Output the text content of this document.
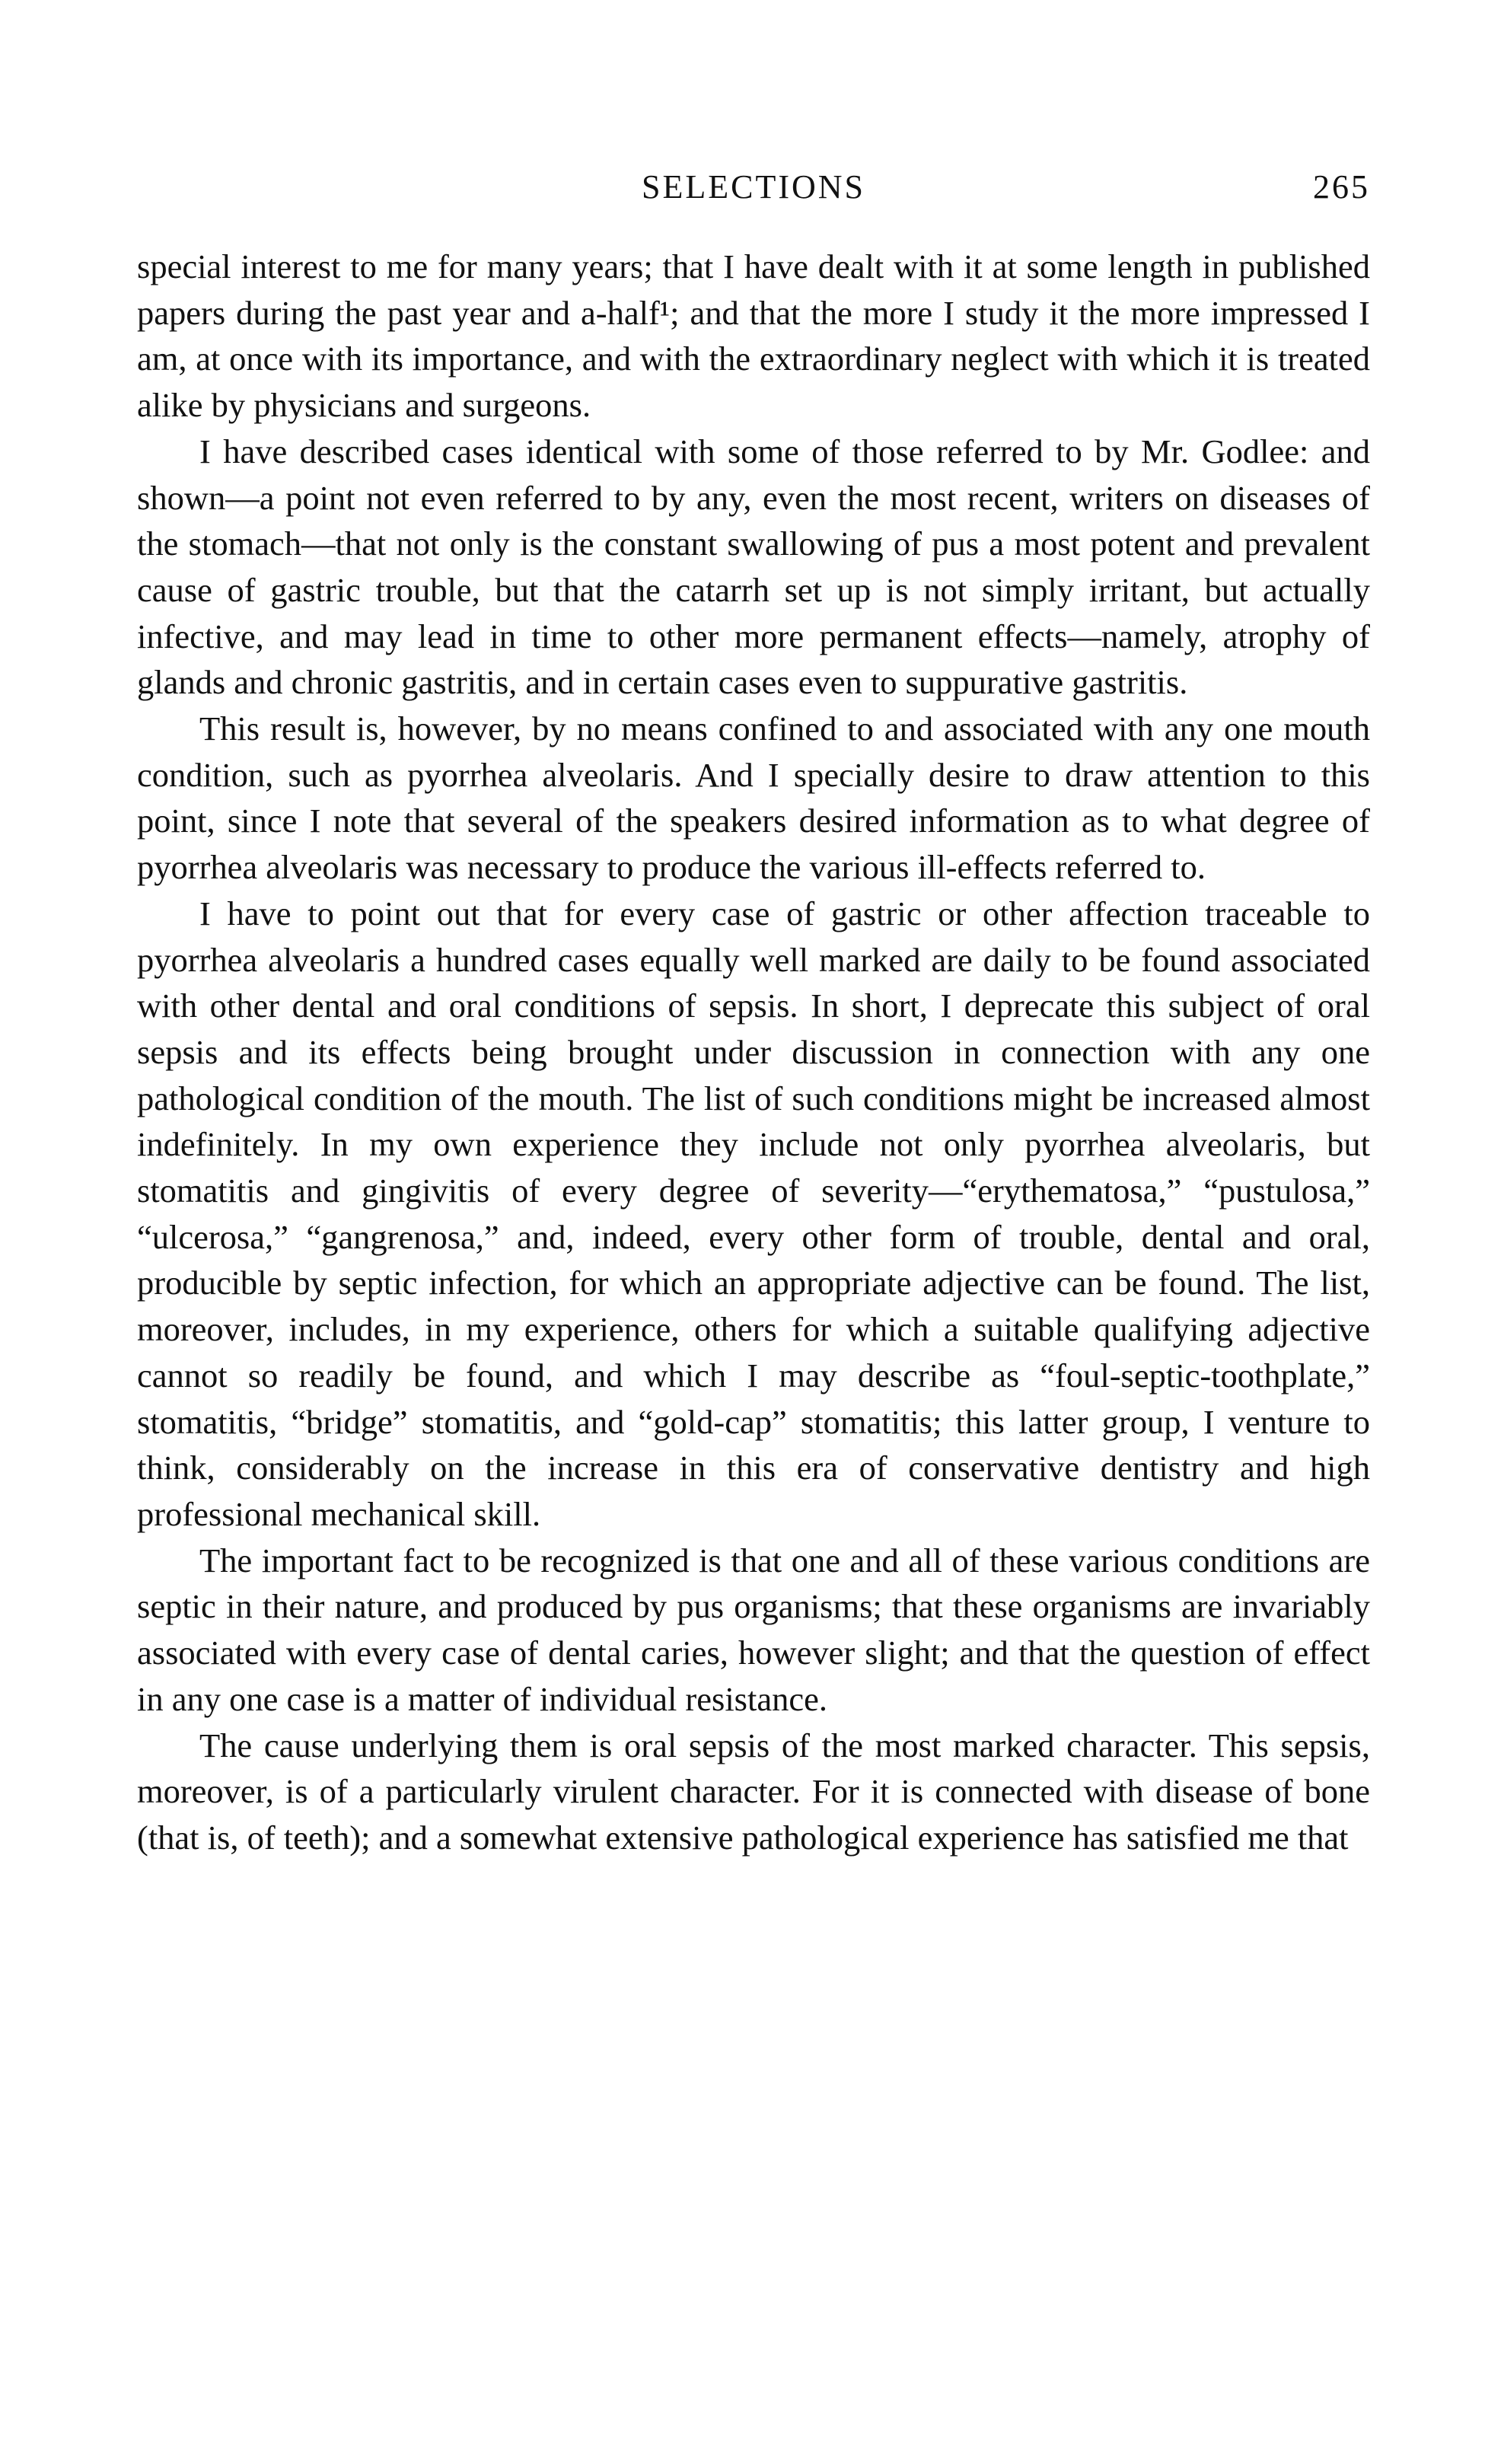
SELECTIONS	265

special interest to me for many years; that I have dealt with it at some length in published papers during the past year and a-half¹; and that the more I study it the more impressed I am, at once with its importance, and with the extraordinary neglect with which it is treated alike by physicians and surgeons.

I have described cases identical with some of those referred to by Mr. Godlee: and shown—a point not even referred to by any, even the most recent, writers on diseases of the stomach—that not only is the constant swallowing of pus a most potent and prevalent cause of gastric trouble, but that the catarrh set up is not simply irritant, but actually infective, and may lead in time to other more permanent effects—namely, atrophy of glands and chronic gastritis, and in certain cases even to suppurative gastritis.

This result is, however, by no means confined to and associated with any one mouth condition, such as pyorrhea alveolaris. And I specially desire to draw attention to this point, since I note that several of the speakers desired information as to what degree of pyorrhea alveolaris was necessary to produce the various ill-effects referred to.

I have to point out that for every case of gastric or other affection traceable to pyorrhea alveolaris a hundred cases equally well marked are daily to be found associated with other dental and oral conditions of sepsis. In short, I deprecate this subject of oral sepsis and its effects being brought under discussion in connection with any one pathological condition of the mouth. The list of such conditions might be increased almost indefinitely. In my own experience they include not only pyorrhea alveolaris, but stomatitis and gingivitis of every degree of severity—“erythematosa,” “pustulosa,” “ulcerosa,” “gangrenosa,” and, indeed, every other form of trouble, dental and oral, producible by septic infection, for which an appropriate adjective can be found. The list, moreover, includes, in my experience, others for which a suitable qualifying adjective cannot so readily be found, and which I may describe as “foul-septic-toothplate,” stomatitis, “bridge” stomatitis, and “gold-cap” stomatitis; this latter group, I venture to think, considerably on the increase in this era of conservative dentistry and high professional mechanical skill.

The important fact to be recognized is that one and all of these various conditions are septic in their nature, and produced by pus organisms; that these organisms are invariably associated with every case of dental caries, however slight; and that the question of effect in any one case is a matter of individual resistance.

The cause underlying them is oral sepsis of the most marked character. This sepsis, moreover, is of a particularly virulent character. For it is connected with disease of bone (that is, of teeth); and a somewhat extensive pathological experience has satisfied me that
